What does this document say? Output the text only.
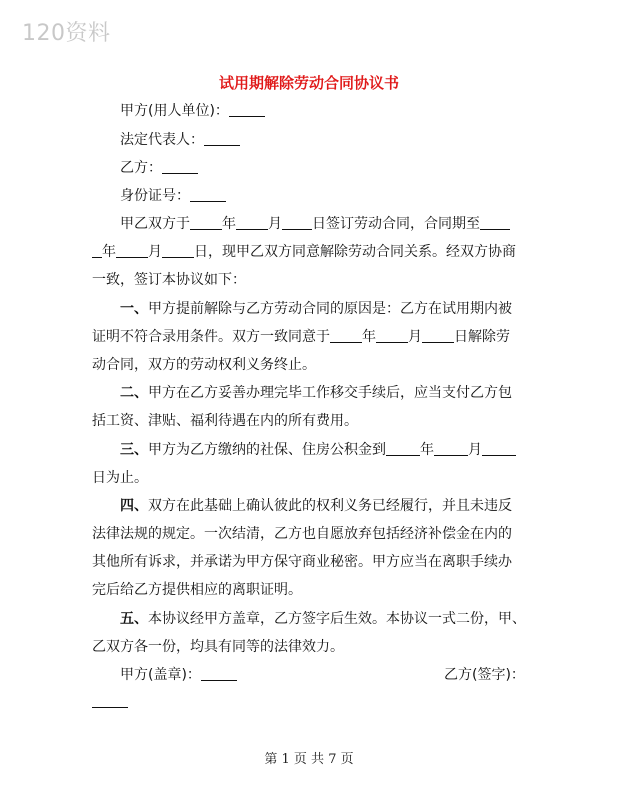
120资料
试用期解除劳动合同协议书
甲方(用人单位)：
法定代表人：
乙方：
身份证号：
甲乙双方于 年 月 日签订劳动合同，合同期至
年 月 日，现甲乙双方同意解除劳动合同关系。经双方协商
一致，签订本协议如下：
一、甲方提前解除与乙方劳动合同的原因是：乙方在试用期内被
证明不符合录用条件。双方一致同意于 年 月 日解除劳
动合同，双方的劳动权利义务终止。
二、甲方在乙方妥善办理完毕工作移交手续后，应当支付乙方包
括工资、津贴、福利待遇在内的所有费用。
三、甲方为乙方缴纳的社保、住房公积金到 年 月
日为止。
四、双方在此基础上确认彼此的权利义务已经履行，并且未违反
法律法规的规定。一次结清，乙方也自愿放弃包括经济补偿金在内的
其他所有诉求，并承诺为甲方保守商业秘密。甲方应当在离职手续办
完后给乙方提供相应的离职证明。
五、本协议经甲方盖章，乙方签字后生效。本协议一式二份，甲、
乙双方各一份，均具有同等的法律效力。
甲方(盖章)：	乙方(签字)：
第 1 页 共 7 页
